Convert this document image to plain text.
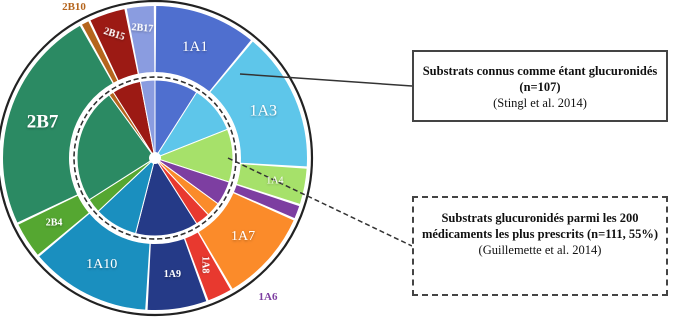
1A1
1A3
1A4
1A6
1A7
1A8
1A9
1A10
2B4
2B7
2B10
2B15 2B17
Substrats connus comme étant glucuronidés (n=107)
(Stingl et al. 2014)
Substrats glucuronidés parmi les 200 médicaments les plus prescrits (n=111, 55%)
(Guillemette et al. 2014)
